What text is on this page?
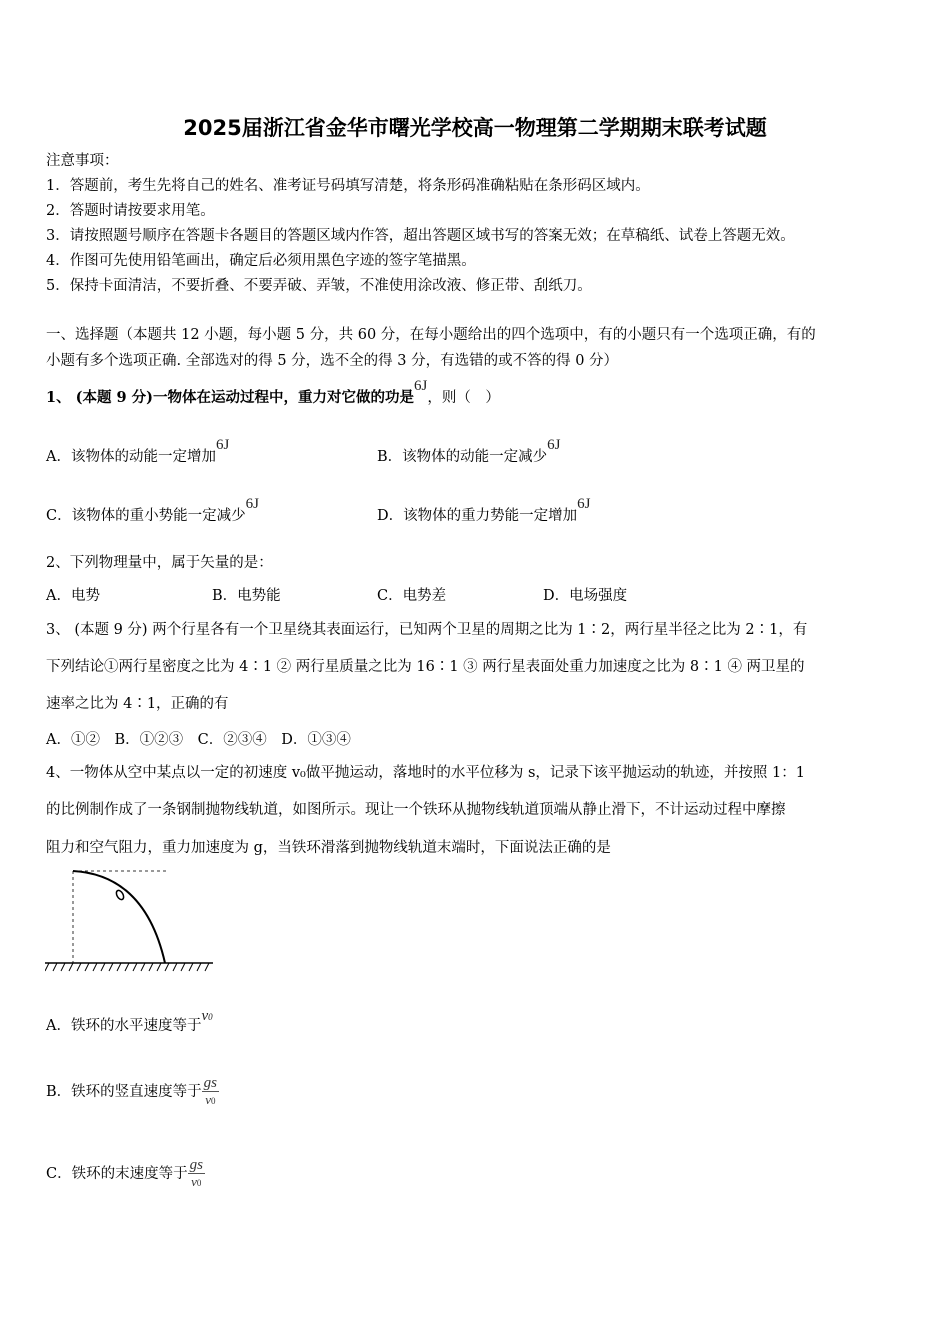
2025届浙江省金华市曙光学校高一物理第二学期期末联考试题
注意事项：
1．答题前，考生先将自己的姓名、准考证号码填写清楚，将条形码准确粘贴在条形码区域内。
2．答题时请按要求用笔。
3．请按照题号顺序在答题卡各题目的答题区域内作答，超出答题区域书写的答案无效；在草稿纸、试卷上答题无效。
4．作图可先使用铅笔画出，确定后必须用黑色字迹的签字笔描黑。
5．保持卡面清洁，不要折叠、不要弄破、弄皱，不准使用涂改液、修正带、刮纸刀。
一、选择题（本题共 12 小题，每小题 5 分，共 60 分，在每小题给出的四个选项中，有的小题只有一个选项正确，有的
小题有多个选项正确. 全部选对的得 5 分，选不全的得 3 分，有选错的或不答的得 0 分）
1、 (本题 9 分)一物体在运动过程中，重力对它做的功是6J，则（　）
A．该物体的动能一定增加6J
B．该物体的动能一定减少6J
C．该物体的重小势能一定减少6J
D．该物体的重力势能一定增加6J
2、下列物理量中，属于矢量的是：
A．电势	B．电势能	C．电势差	D．电场强度
3、 (本题 9 分) 两个行星各有一个卫星绕其表面运行，已知两个卫星的周期之比为 1∶2，两行星半径之比为 2∶1，有
下列结论①两行星密度之比为 4∶1 ② 两行星质量之比为 16∶1 ③ 两行星表面处重力加速度之比为 8∶1 ④ 两卫星的
速率之比为 4∶1，正确的有
A．①②　B．①②③　C．②③④　D．①③④
4、一物体从空中某点以一定的初速度 v₀做平抛运动，落地时的水平位移为 s，记录下该平抛运动的轨迹，并按照 1：1
的比例制作成了一条钢制抛物线轨道，如图所示。现让一个铁环从抛物线轨道顶端从静止滑下，不计运动过程中摩擦
阻力和空气阻力，重力加速度为 g，当铁环滑落到抛物线轨道末端时，下面说法正确的是
A．铁环的水平速度等于v0
B．铁环的竖直速度等于 $\frac{gs}{v0}$
C．铁环的末速度等于 $\frac{gs}{v0}$
